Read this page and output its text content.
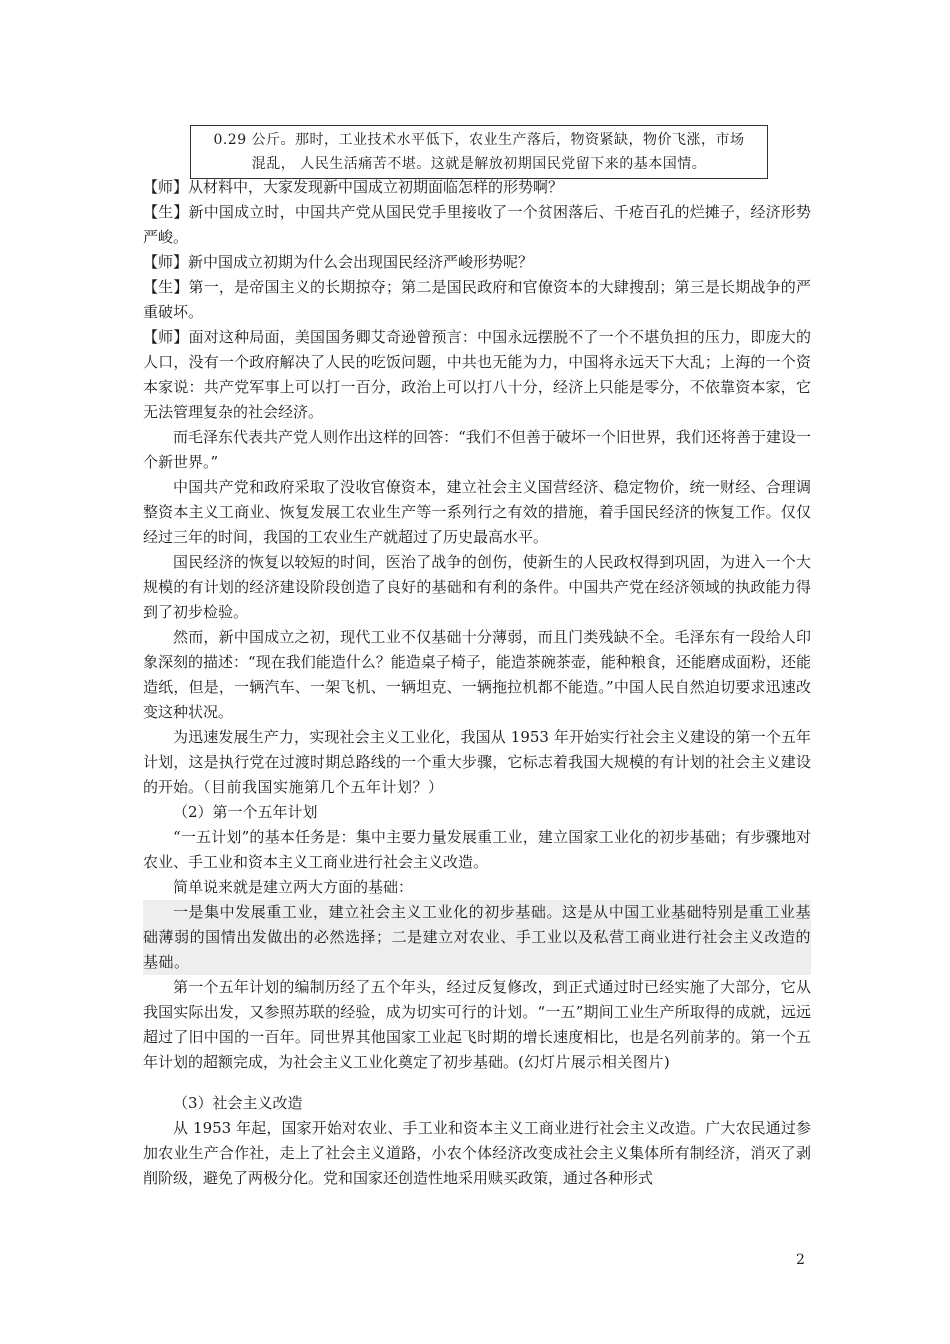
0.29 公斤。那时，工业技术水平低下，农业生产落后，物资紧缺，物价飞涨，市场
混乱， 人民生活痛苦不堪。这就是解放初期国民党留下来的基本国情。

【师】从材料中，大家发现新中国成立初期面临怎样的形势啊？

【生】新中国成立时，中国共产党从国民党手里接收了一个贫困落后、千疮百孔的烂摊子，经济形势严峻。

【师】新中国成立初期为什么会出现国民经济严峻形势呢？

【生】第一，是帝国主义的长期掠夺；第二是国民政府和官僚资本的大肆搜刮；第三是长期战争的严重破坏。

【师】面对这种局面，美国国务卿艾奇逊曾预言：中国永远摆脱不了一个不堪负担的压力，即庞大的人口，没有一个政府解决了人民的吃饭问题，中共也无能为力，中国将永远天下大乱；上海的一个资本家说：共产党军事上可以打一百分，政治上可以打八十分，经济上只能是零分，不依靠资本家，它无法管理复杂的社会经济。

而毛泽东代表共产党人则作出这样的回答：“我们不但善于破坏一个旧世界，我们还将善于建设一个新世界。”

中国共产党和政府采取了没收官僚资本，建立社会主义国营经济、稳定物价，统一财经、合理调整资本主义工商业、恢复发展工农业生产等一系列行之有效的措施，着手国民经济的恢复工作。仅仅经过三年的时间，我国的工农业生产就超过了历史最高水平。

国民经济的恢复以较短的时间，医治了战争的创伤，使新生的人民政权得到巩固，为进入一个大规模的有计划的经济建设阶段创造了良好的基础和有利的条件。中国共产党在经济领域的执政能力得到了初步检验。

然而，新中国成立之初，现代工业不仅基础十分薄弱，而且门类残缺不全。毛泽东有一段给人印象深刻的描述：“现在我们能造什么？能造桌子椅子，能造茶碗茶壶，能种粮食，还能磨成面粉，还能造纸，但是，一辆汽车、一架飞机、一辆坦克、一辆拖拉机都不能造。”中国人民自然迫切要求迅速改变这种状况。

为迅速发展生产力，实现社会主义工业化，我国从 1953 年开始实行社会主义建设的第一个五年计划，这是执行党在过渡时期总路线的一个重大步骤，它标志着我国大规模的有计划的社会主义建设的开始。（目前我国实施第几个五年计划？）

（2）第一个五年计划

“一五计划”的基本任务是：集中主要力量发展重工业，建立国家工业化的初步基础；有步骤地对农业、手工业和资本主义工商业进行社会主义改造。

简单说来就是建立两大方面的基础：

一是集中发展重工业，建立社会主义工业化的初步基础。这是从中国工业基础特别是重工业基础薄弱的国情出发做出的必然选择；二是建立对农业、手工业以及私营工商业进行社会主义改造的基础。

第一个五年计划的编制历经了五个年头，经过反复修改，到正式通过时已经实施了大部分，它从我国实际出发，又参照苏联的经验，成为切实可行的计划。“一五”期间工业生产所取得的成就，远远超过了旧中国的一百年。同世界其他国家工业起飞时期的增长速度相比，也是名列前茅的。第一个五年计划的超额完成，为社会主义工业化奠定了初步基础。(幻灯片展示相关图片)

（3）社会主义改造

从 1953 年起，国家开始对农业、手工业和资本主义工商业进行社会主义改造。广大农民通过参加农业生产合作社，走上了社会主义道路，小农个体经济改变成社会主义集体所有制经济，消灭了剥削阶级，避免了两极分化。党和国家还创造性地采用赎买政策，通过各种形式

2
